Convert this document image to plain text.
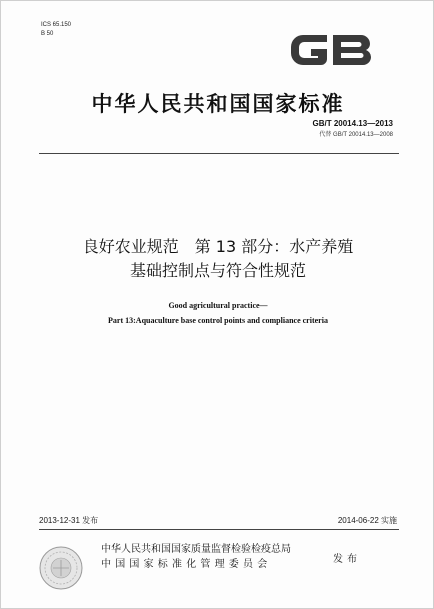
ICS 65.150
B 50
中华人民共和国国家标准
GB/T 20014.13—2013
代替 GB/T 20014.13—2008
良好农业规范　第 13 部分：水产养殖
基础控制点与符合性规范
Good agricultural practice—
Part 13:Aquaculture base control points and compliance criteria
2013-12-31 发布	2014-06-22 实施
中华人民共和国国家质量监督检验检疫总局
中国国家标准化管理委员会	发布
